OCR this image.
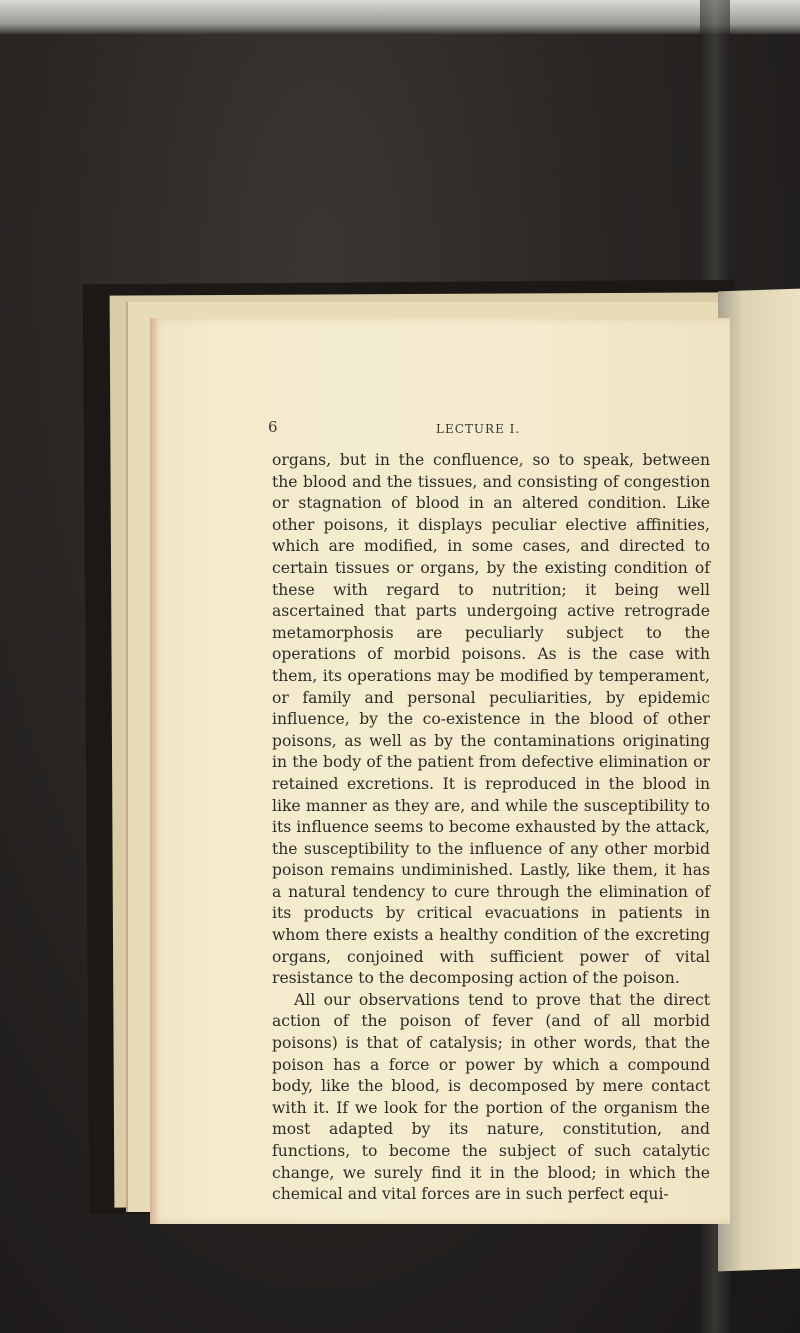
6	LECTURE I.

organs, but in the confluence, so to speak, between the blood and the tissues, and consisting of congestion or stagnation of blood in an altered condition. Like other poisons, it displays peculiar elective affinities, which are modified, in some cases, and directed to certain tissues or organs, by the existing condition of these with regard to nutrition; it being well ascertained that parts undergoing active retrograde metamorphosis are peculiarly subject to the operations of morbid poisons. As is the case with them, its operations may be modified by temperament, or family and personal peculiarities, by epidemic influence, by the co-existence in the blood of other poisons, as well as by the contaminations originating in the body of the patient from defective elimination or retained excretions. It is reproduced in the blood in like manner as they are, and while the susceptibility to its influence seems to become exhausted by the attack, the susceptibility to the influence of any other morbid poison remains undiminished. Lastly, like them, it has a natural tendency to cure through the elimination of its products by critical evacuations in patients in whom there exists a healthy condition of the excreting organs, conjoined with sufficient power of vital resistance to the decomposing action of the poison.

All our observations tend to prove that the direct action of the poison of fever (and of all morbid poisons) is that of catalysis; in other words, that the poison has a force or power by which a compound body, like the blood, is decomposed by mere contact with it. If we look for the portion of the organism the most adapted by its nature, constitution, and functions, to become the subject of such catalytic change, we surely find it in the blood; in which the chemical and vital forces are in such perfect equi-
